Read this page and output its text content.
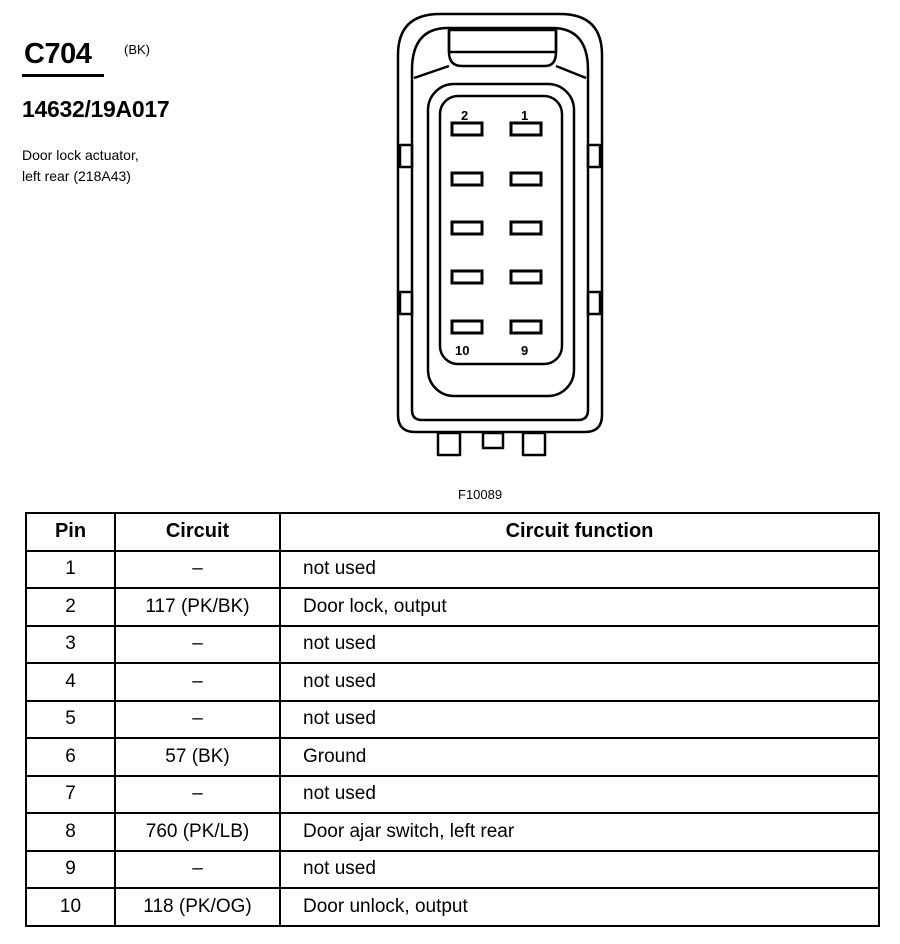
C704	(BK)
14632/19A017
Door lock actuator,
left rear (218A43)
2	1
10	9
F10089
Pin	Circuit	Circuit function
1	–	not used
2	117 (PK/BK)	Door lock, output
3	–	not used
4	–	not used
5	–	not used
6	57 (BK)	Ground
7	–	not used
8	760 (PK/LB)	Door ajar switch, left rear
9	–	not used
10	118 (PK/OG)	Door unlock, output
